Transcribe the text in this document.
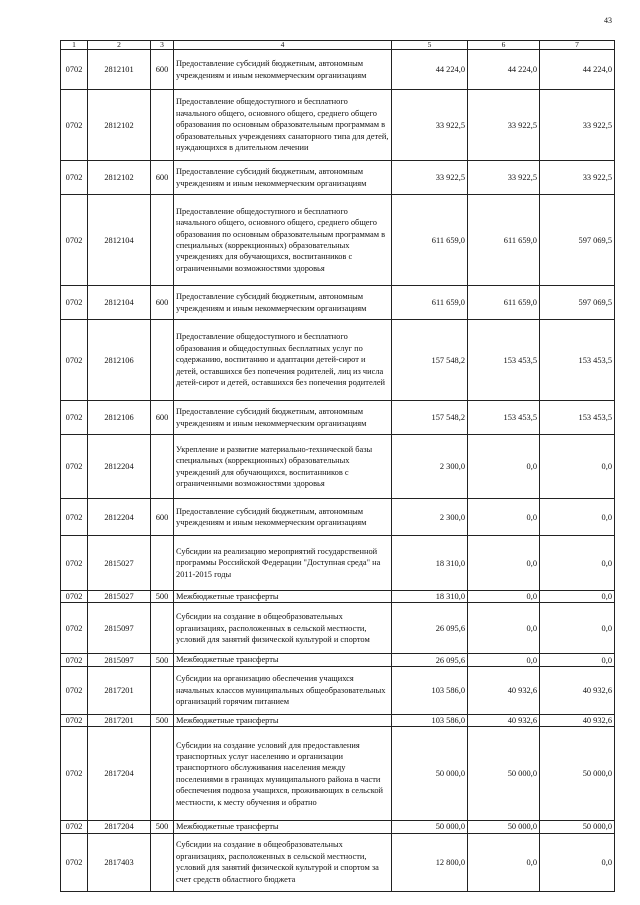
43
1	2	3	4	5	6	7
0702	2812101	600	Предоставление субсидий бюджетным, автономным учреждениям и иным некоммерческим организациям	44 224,0	44 224,0	44 224,0
0702	2812102		Предоставление общедоступного и бесплатного начального общего, основного общего, среднего общего образования по основным образовательным программам в образовательных учреждениях санаторного типа для детей, нуждающихся в длительном лечении	33 922,5	33 922,5	33 922,5
0702	2812102	600	Предоставление субсидий бюджетным, автономным учреждениям и иным некоммерческим организациям	33 922,5	33 922,5	33 922,5
0702	2812104		Предоставление общедоступного и бесплатного начального общего, основного общего, среднего общего образования по основным образовательным программам в специальных (коррекционных) образовательных учреждениях для обучающихся, воспитанников с ограниченными возможностями здоровья	611 659,0	611 659,0	597 069,5
0702	2812104	600	Предоставление субсидий бюджетным, автономным учреждениям и иным некоммерческим организациям	611 659,0	611 659,0	597 069,5
0702	2812106		Предоставление общедоступного и бесплатного образования и общедоступных бесплатных услуг по содержанию, воспитанию и адаптации детей-сирот и детей, оставшихся без попечения родителей, лиц из числа детей-сирот и детей, оставшихся без попечения родителей	157 548,2	153 453,5	153 453,5
0702	2812106	600	Предоставление субсидий бюджетным, автономным учреждениям и иным некоммерческим организациям	157 548,2	153 453,5	153 453,5
0702	2812204		Укрепление и развитие материально-технической базы специальных (коррекционных) образовательных учреждений для обучающихся, воспитанников с ограниченными возможностями здоровья	2 300,0	0,0	0,0
0702	2812204	600	Предоставление субсидий бюджетным, автономным учреждениям и иным некоммерческим организациям	2 300,0	0,0	0,0
0702	2815027		Субсидии на реализацию мероприятий государственной программы Российской Федерации "Доступная среда" на 2011-2015 годы	18 310,0	0,0	0,0
0702	2815027	500	Межбюджетные трансферты	18 310,0	0,0	0,0
0702	2815097		Субсидии на создание в общеобразовательных организациях, расположенных в сельской местности, условий для занятий физической культурой и спортом	26 095,6	0,0	0,0
0702	2815097	500	Межбюджетные трансферты	26 095,6	0,0	0,0
0702	2817201		Субсидии на организацию обеспечения учащихся начальных классов муниципальных общеобразовательных организаций горячим питанием	103 586,0	40 932,6	40 932,6
0702	2817201	500	Межбюджетные трансферты	103 586,0	40 932,6	40 932,6
0702	2817204		Субсидии на создание условий для предоставления транспортных услуг населению и организации транспортного обслуживания населения между поселениями в границах муниципального района в части обеспечения подвоза учащихся, проживающих в сельской местности, к месту обучения и обратно	50 000,0	50 000,0	50 000,0
0702	2817204	500	Межбюджетные трансферты	50 000,0	50 000,0	50 000,0
0702	2817403		Субсидии на создание в общеобразовательных организациях, расположенных в сельской местности, условий для занятий физической культурой и спортом за счет средств областного бюджета	12 800,0	0,0	0,0
